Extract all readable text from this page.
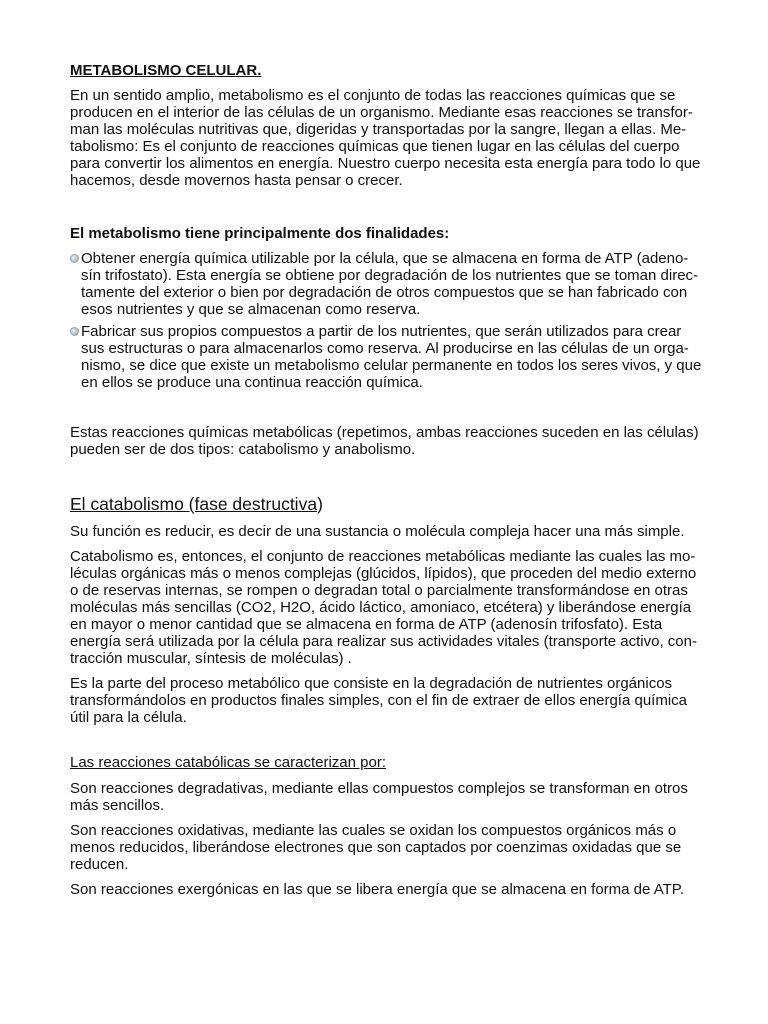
METABOLISMO CELULAR.

En un sentido amplio, metabolismo es el conjunto de todas las reacciones químicas que se
producen en el interior de las células de un organismo. Mediante esas reacciones se transfor-
man las moléculas nutritivas que, digeridas y transportadas por la sangre, llegan a ellas. Me-
tabolismo: Es el conjunto de reacciones químicas que tienen lugar en las células del cuerpo
para convertir los alimentos en energía. Nuestro cuerpo necesita esta energía para todo lo que
hacemos, desde movernos hasta pensar o crecer.

El metabolismo tiene principalmente dos finalidades:
Obtener energía química utilizable por la célula, que se almacena en forma de ATP (adeno-
sín trifostato). Esta energía se obtiene por degradación de los nutrientes que se toman direc-
tamente del exterior o bien por degradación de otros compuestos que se han fabricado con
esos nutrientes y que se almacenan como reserva.
Fabricar sus propios compuestos a partir de los nutrientes, que serán utilizados para crear
sus estructuras o para almacenarlos como reserva. Al producirse en las células de un orga-
nismo, se dice que existe un metabolismo celular permanente en todos los seres vivos, y que
en ellos se produce una continua reacción química.

Estas reacciones químicas metabólicas (repetimos, ambas reacciones suceden en las células)
pueden ser de dos tipos: catabolismo y anabolismo.

El catabolismo (fase destructiva)

Su función es reducir, es decir de una sustancia o molécula compleja hacer una más simple.

Catabolismo es, entonces, el conjunto de reacciones metabólicas mediante las cuales las mo-
léculas orgánicas más o menos complejas (glúcidos, lípidos), que proceden del medio externo
o de reservas internas, se rompen o degradan total o parcialmente transformándose en otras
moléculas más sencillas (CO2, H2O, ácido láctico, amoniaco, etcétera) y liberándose energía
en mayor o menor cantidad que se almacena en forma de ATP (adenosín trifosfato). Esta
energía será utilizada por la célula para realizar sus actividades vitales (transporte activo, con-
tracción muscular, síntesis de moléculas) .

Es la parte del proceso metabólico que consiste en la degradación de nutrientes orgánicos
transformándolos en productos finales simples, con el fin de extraer de ellos energía química
útil para la célula.

Las reacciones catabólicas se caracterizan por:

Son reacciones degradativas, mediante ellas compuestos complejos se transforman en otros
más sencillos.

Son reacciones oxidativas, mediante las cuales se oxidan los compuestos orgánicos más o
menos reducidos, liberándose electrones que son captados por coenzimas oxidadas que se
reducen.

Son reacciones exergónicas en las que se libera energía que se almacena en forma de ATP.
